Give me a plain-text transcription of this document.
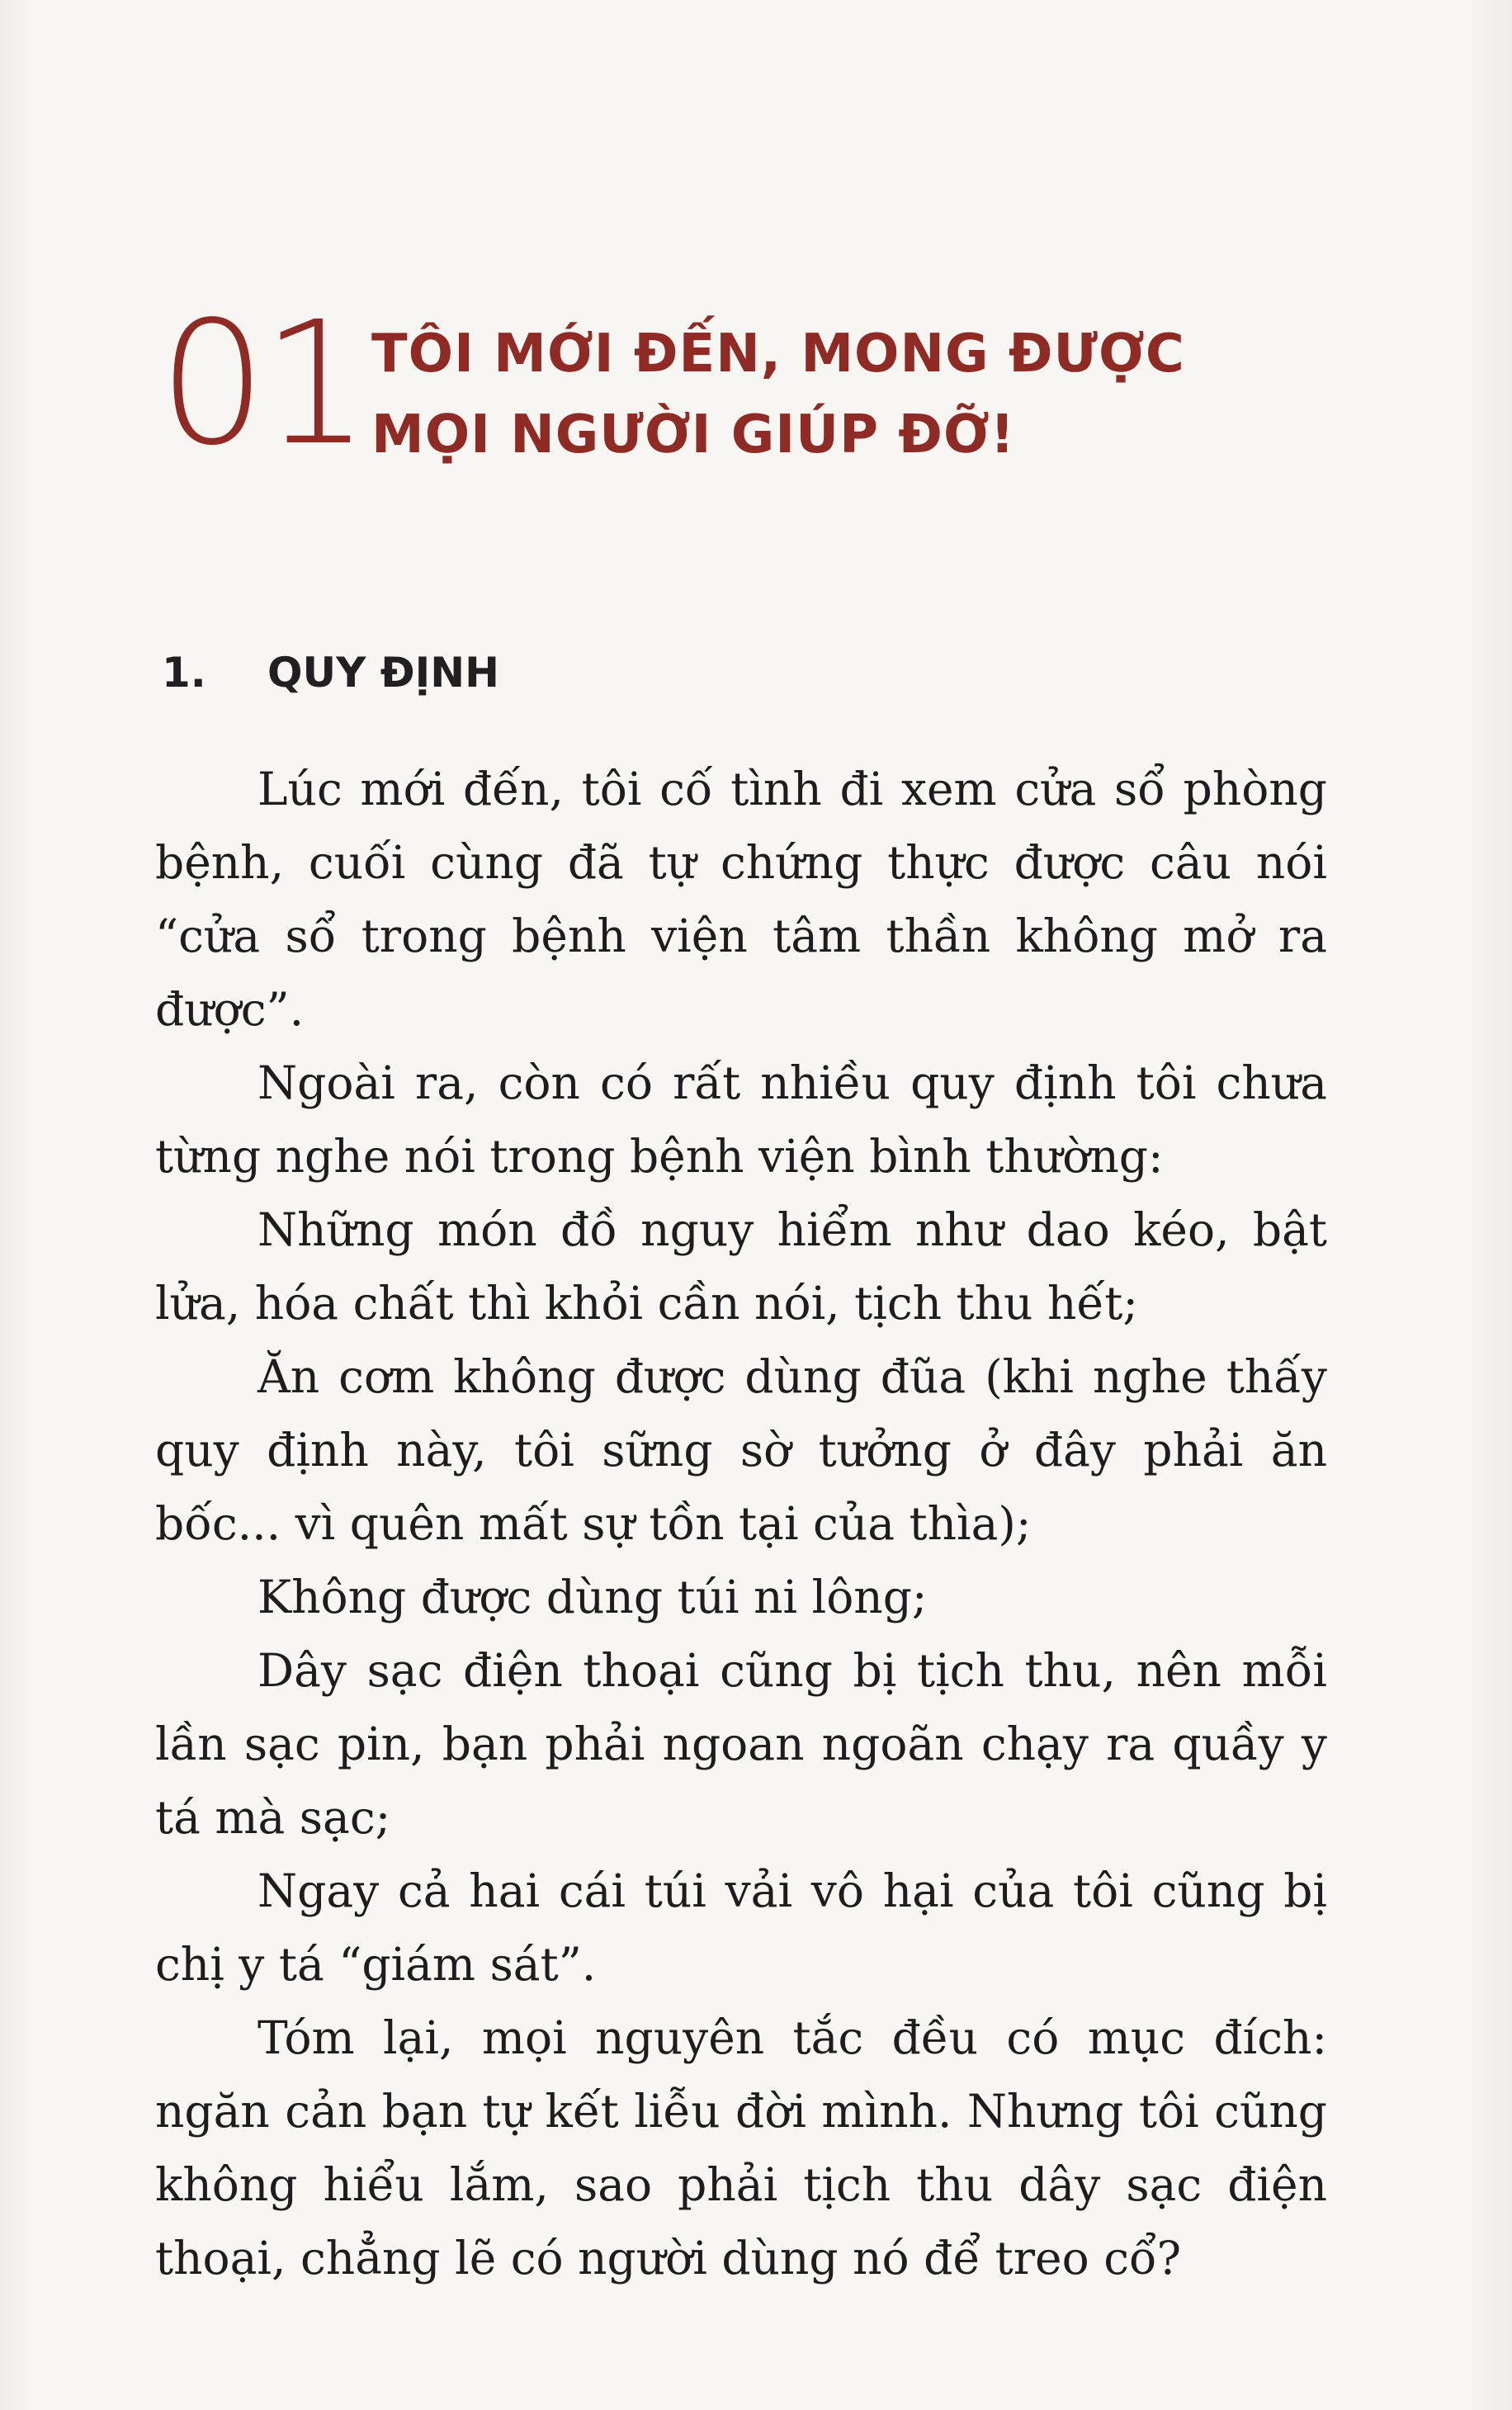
01 TÔI MỚI ĐẾN, MONG ĐƯỢC
MỌI NGƯỜI GIÚP ĐỠ!
1. QUY ĐỊNH

Lúc mới đến, tôi cố tình đi xem cửa sổ phòng bệnh, cuối cùng đã tự chứng thực được câu nói “cửa sổ trong bệnh viện tâm thần không mở ra được”.

Ngoài ra, còn có rất nhiều quy định tôi chưa từng nghe nói trong bệnh viện bình thường:

Những món đồ nguy hiểm như dao kéo, bật lửa, hóa chất thì khỏi cần nói, tịch thu hết;

Ăn cơm không được dùng đũa (khi nghe thấy quy định này, tôi sững sờ tưởng ở đây phải ăn bốc... vì quên mất sự tồn tại của thìa);

Không được dùng túi ni lông;

Dây sạc điện thoại cũng bị tịch thu, nên mỗi lần sạc pin, bạn phải ngoan ngoãn chạy ra quầy y tá mà sạc;

Ngay cả hai cái túi vải vô hại của tôi cũng bị chị y tá “giám sát”.

Tóm lại, mọi nguyên tắc đều có mục đích: ngăn cản bạn tự kết liễu đời mình. Nhưng tôi cũng không hiểu lắm, sao phải tịch thu dây sạc điện thoại, chẳng lẽ có người dùng nó để treo cổ?
